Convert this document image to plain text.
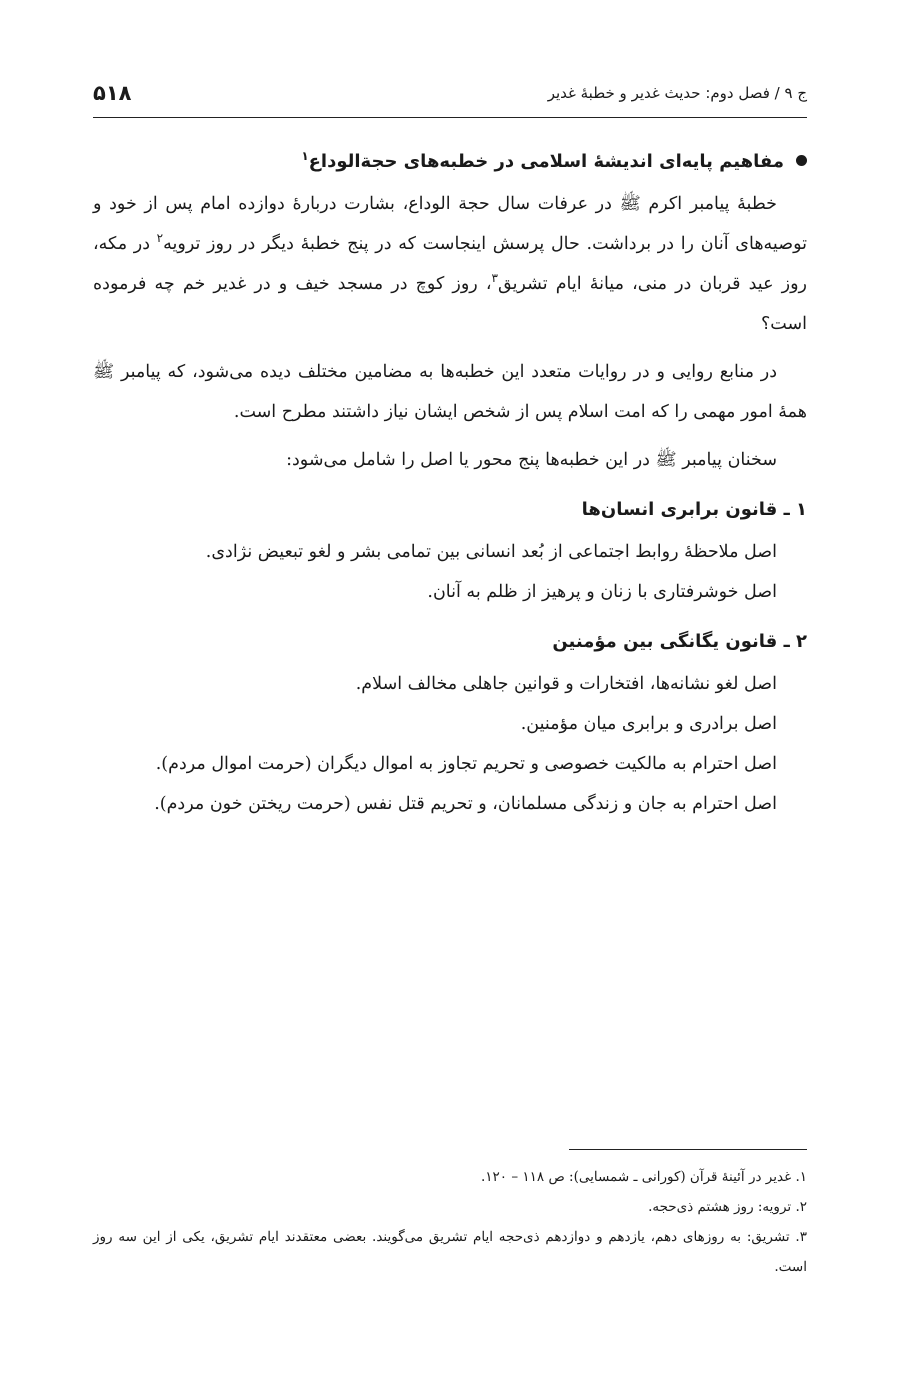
ج ۹ / فصل دوم: حدیث غدیر و خطبهٔ غدیر
۵۱۸
مفاهیم پایه‌ای اندیشهٔ اسلامی در خطبه‌های حجةالوداع$^۱$

خطبهٔ پیامبر اکرم ﷺ در عرفات سال حجة الوداع، بشارت دربارهٔ دوازده امام پس از خود و توصیه‌های آنان را در برداشت. حال پرسش اینجاست که در پنج خطبهٔ دیگر در روز ترویه$^۲$ در مکه، روز عید قربان در منی، میانهٔ ایام تشریق$^۳$، روز کوچ در مسجد خیف و در غدیر خم چه فرموده است؟

در منابع روایی و در روایات متعدد این خطبه‌ها به مضامین مختلف دیده می‌شود، که پیامبر ﷺ همهٔ امور مهمی را که امت اسلام پس از شخص ایشان نیاز داشتند مطرح است.

سخنان پیامبر ﷺ در این خطبه‌ها پنج محور یا اصل را شامل می‌شود:

۱ ـ قانون برابری انسان‌ها

اصل ملاحظهٔ روابط اجتماعی از بُعد انسانی بین تمامی بشر و لغو تبعیض نژادی.

اصل خوشرفتاری با زنان و پرهیز از ظلم به آنان.

۲ ـ قانون یگانگی بین مؤمنین

اصل لغو نشانه‌ها، افتخارات و قوانین جاهلی مخالف اسلام.

اصل برادری و برابری میان مؤمنین.

اصل احترام به مالکیت خصوصی و تحریم تجاوز به اموال دیگران (حرمت اموال مردم).

اصل احترام به جان و زندگی مسلمانان، و تحریم قتل نفس (حرمت ریختن خون مردم).

۱. غدیر در آئینهٔ قرآن (کورانی ـ شمسایی): ص ۱۱۸ – ۱۲۰.

۲. ترویه: روز هشتم ذی‌حجه.

۳. تشریق: به روزهای دهم، یازدهم و دوازدهم ذی‌حجه ایام تشریق می‌گویند. بعضی معتقدند ایام تشریق، یکی از این سه روز است.
